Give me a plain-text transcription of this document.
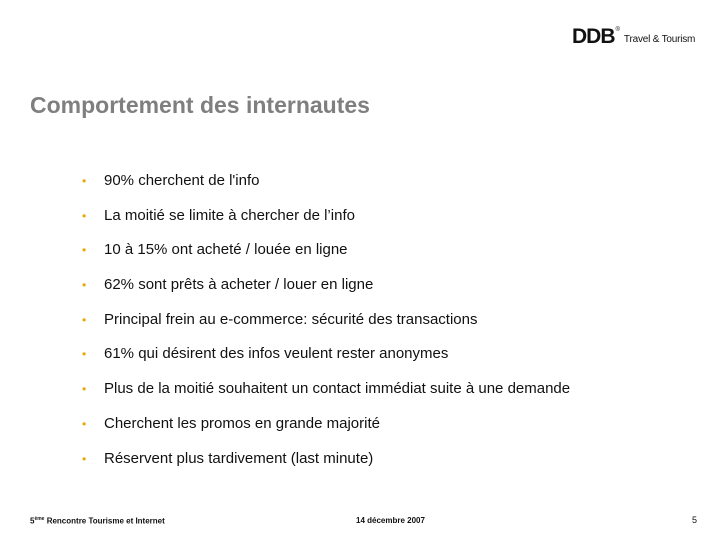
DDB ®
Travel & Tourism
Comportement des internautes
•	90% cherchent de l'info
•	La moitié se limite à chercher de l’info
•	10 à 15% ont acheté / louée en ligne
•	62% sont prêts à acheter / louer en ligne
•	Principal frein au e-commerce: sécurité des transactions
•	61% qui désirent des infos veulent rester anonymes
•	Plus de la moitié souhaitent un contact immédiat suite à une demande
•	Cherchent les promos en grande majorité
•	Réservent plus tardivement (last minute)
5ème Rencontre Tourisme et Internet	14 décembre 2007	5
